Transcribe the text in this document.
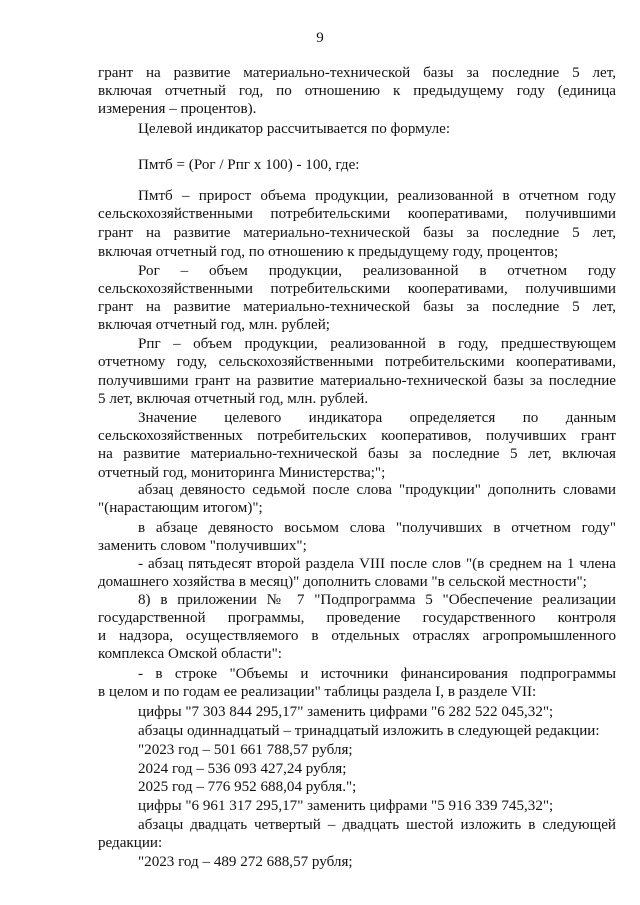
9
грант на развитие материально-технической базы за последние 5 лет,
включая отчетный год, по отношению к предыдущему году (единица
измерения – процентов).
Целевой индикатор рассчитывается по формуле:
Пмтб = (Рог / Рпг х 100) - 100, где:
Пмтб – прирост объема продукции, реализованной в отчетном году
сельскохозяйственными потребительскими кооперативами, получившими
грант на развитие материально-технической базы за последние 5 лет,
включая отчетный год, по отношению к предыдущему году, процентов;
Рог – объем продукции, реализованной в отчетном году
сельскохозяйственными потребительскими кооперативами, получившими
грант на развитие материально-технической базы за последние 5 лет,
включая отчетный год, млн. рублей;
Рпг – объем продукции, реализованной в году, предшествующем
отчетному году, сельскохозяйственными потребительскими кооперативами,
получившими грант на развитие материально-технической базы за последние
5 лет, включая отчетный год, млн. рублей.
Значение целевого индикатора определяется по данным
сельскохозяйственных потребительских кооперативов, получивших грант
на развитие материально-технической базы за последние 5 лет, включая
отчетный год, мониторинга Министерства;";
абзац девяносто седьмой после слова "продукции" дополнить словами
"(нарастающим итогом)";
в абзаце девяносто восьмом слова "получивших в отчетном году"
заменить словом "получивших";
- абзац пятьдесят второй раздела VIII после слов "(в среднем на 1 члена
домашнего хозяйства в месяц)" дополнить словами "в сельской местности";
8) в приложении № 7 "Подпрограмма 5 "Обеспечение реализации
государственной программы, проведение государственного контроля
и надзора, осуществляемого в отдельных отраслях агропромышленного
комплекса Омской области":
- в строке "Объемы и источники финансирования подпрограммы
в целом и по годам ее реализации" таблицы раздела I, в разделе VII:
цифры "7 303 844 295,17" заменить цифрами "6 282 522 045,32";
абзацы одиннадцатый – тринадцатый изложить в следующей редакции:
"2023 год – 501 661 788,57 рубля;
2024 год – 536 093 427,24 рубля;
2025 год – 776 952 688,04 рубля.";
цифры "6 961 317 295,17" заменить цифрами "5 916 339 745,32";
абзацы двадцать четвертый – двадцать шестой изложить в следующей
редакции:
"2023 год – 489 272 688,57 рубля;
